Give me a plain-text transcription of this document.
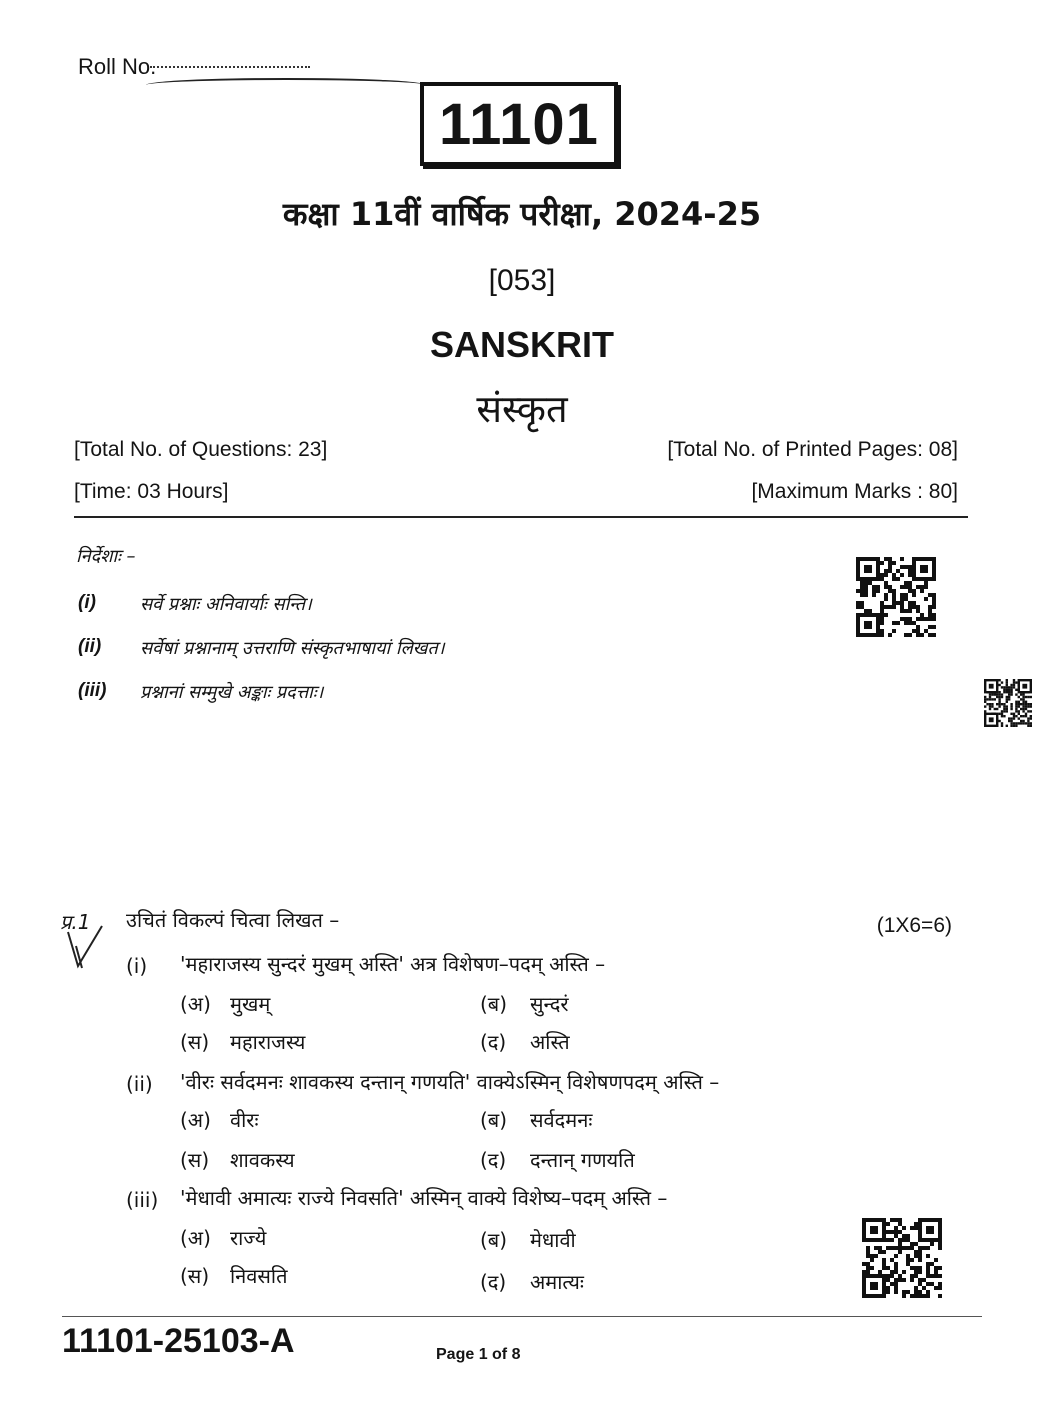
Roll No.
11101
कक्षा 11वीं वार्षिक परीक्षा, 2024-25
[053]
SANSKRIT
संस्कृत
[Total No. of Questions: 23]	[Total No. of Printed Pages: 08]
[Time: 03 Hours]	[Maximum Marks : 80]
निर्देशाः –
(i) सर्वे प्रश्नाः अनिवार्याः सन्ति।
(ii) सर्वेषां प्रश्नानाम् उत्तराणि संस्कृतभाषायां लिखत।
(iii) प्रश्नानां सम्मुखे अङ्काः प्रदत्ताः।
प्र.1 उचितं विकल्पं चित्वा लिखत –	(1X6=6)
(i) 'महाराजस्य सुन्दरं मुखम् अस्ति' अत्र विशेषण–पदम् अस्ति –
(अ) मुखम्	(ब) सुन्दरं
(स) महाराजस्य	(द) अस्ति
(ii) 'वीरः सर्वदमनः शावकस्य दन्तान् गणयति' वाक्येऽस्मिन् विशेषणपदम् अस्ति –
(अ) वीरः	(ब) सर्वदमनः
(स) शावकस्य	(द) दन्तान् गणयति
(iii) 'मेधावी अमात्यः राज्ये निवसति' अस्मिन् वाक्ये विशेष्य–पदम् अस्ति –
(अ) राज्ये	(ब) मेधावी
(स) निवसति	(द) अमात्यः
11101-25103-A	Page 1 of 8
